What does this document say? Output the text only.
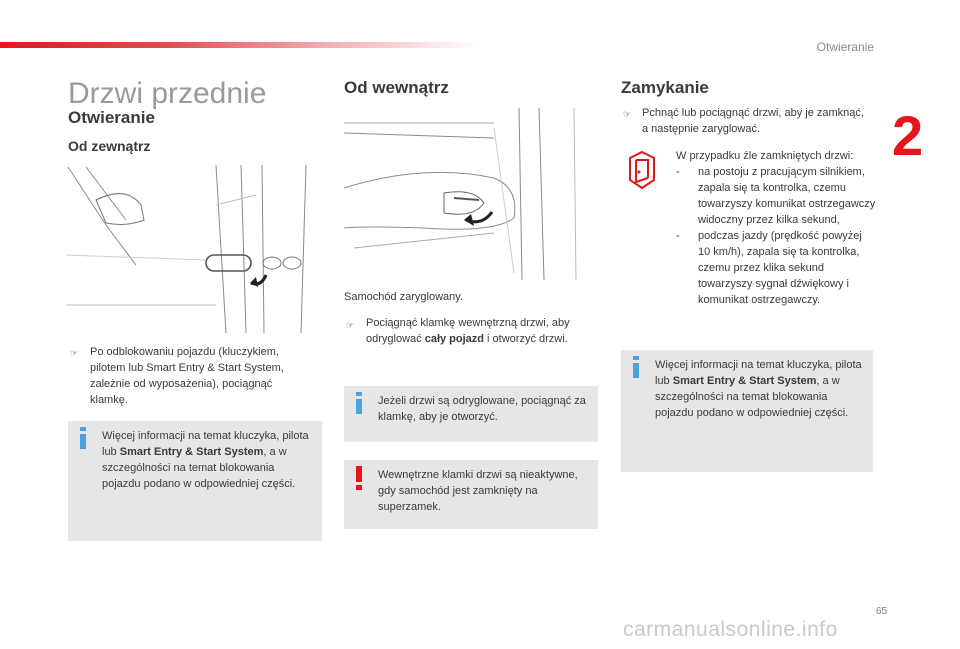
Otwieranie
2
65
carmanualsonline.info
Drzwi przednie
Otwieranie
Od zewnątrz
☞ Po odblokowaniu pojazdu (kluczykiem, pilotem lub Smart Entry & Start System, zależnie od wyposażenia), pociągnąć klamkę.
Więcej informacji na temat kluczyka, pilota lub Smart Entry & Start System, a w szczególności na temat blokowania pojazdu podano w odpowiedniej części.
Od wewnątrz
Samochód zaryglowany.
☞ Pociągnąć klamkę wewnętrzną drzwi, aby odryglować cały pojazd i otworzyć drzwi.
Jeżeli drzwi są odryglowane, pociągnąć za klamkę, aby je otworzyć.
Wewnętrzne klamki drzwi są nieaktywne, gdy samochód jest zamknięty na superzamek.
Zamykanie
☞ Pchnąć lub pociągnąć drzwi, aby je zamknąć, a następnie zaryglować.
W przypadku źle zamkniętych drzwi:
- na postoju z pracującym silnikiem, zapala się ta kontrolka, czemu towarzyszy komunikat ostrzegawczy widoczny przez kilka sekund,
- podczas jazdy (prędkość powyżej 10 km/h), zapala się ta kontrolka, czemu przez klika sekund towarzyszy sygnał dźwiękowy i komunikat ostrzegawczy.
Więcej informacji na temat kluczyka, pilota lub Smart Entry & Start System, a w szczególności na temat blokowania pojazdu podano w odpowiedniej części.
